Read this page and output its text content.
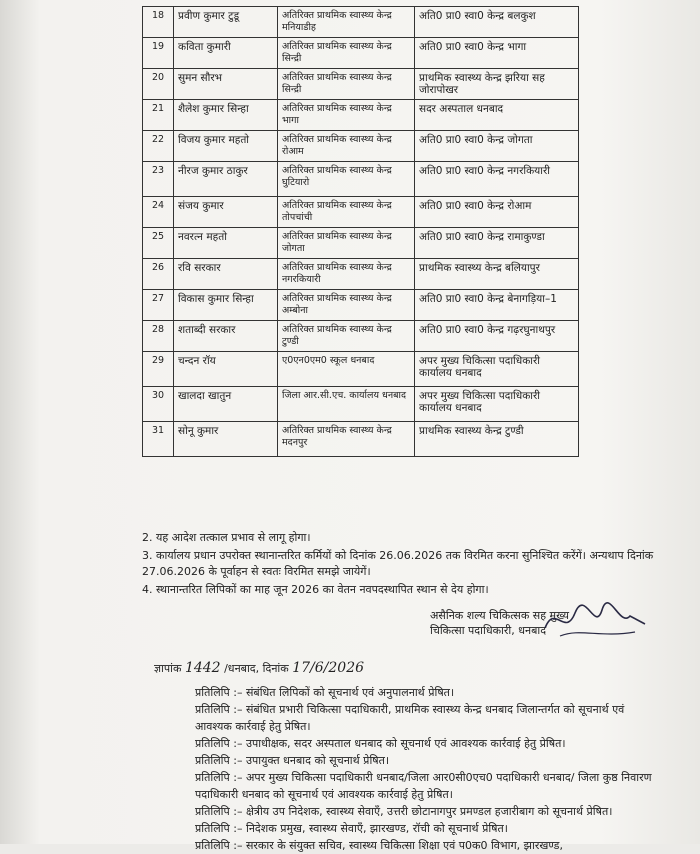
18	प्रवीण कुमार टुडू	अतिरिक्त प्राथमिक स्वास्थ्य केन्द्र मनियाडीह	अति0 प्रा0 स्वा0 केन्द्र बलकुश
19	कविता कुमारी	अतिरिक्त प्राथमिक स्वास्थ्य केन्द्र सिन्द्री	अति0 प्रा0 स्वा0 केन्द्र भागा
20	सुमन सौरभ	अतिरिक्त प्राथमिक स्वास्थ्य केन्द्र सिन्द्री	प्राथमिक स्वास्थ्य केन्द्र झरिया सह जोरापोखर
21	शैलेश कुमार सिन्हा	अतिरिक्त प्राथमिक स्वास्थ्य केन्द्र भागा	सदर अस्पताल धनबाद
22	विजय कुमार महतो	अतिरिक्त प्राथमिक स्वास्थ्य केन्द्र रोआम	अति0 प्रा0 स्वा0 केन्द्र जोगता
23	नीरज कुमार ठाकुर	अतिरिक्त प्राथमिक स्वास्थ्य केन्द्र घुटियारो	अति0 प्रा0 स्वा0 केन्द्र नगरकियारी
24	संजय कुमार	अतिरिक्त प्राथमिक स्वास्थ्य केन्द्र तोपचांची	अति0 प्रा0 स्वा0 केन्द्र रोआम
25	नवरत्न महतो	अतिरिक्त प्राथमिक स्वास्थ्य केन्द्र जोगता	अति0 प्रा0 स्वा0 केन्द्र रामाकुण्डा
26	रवि सरकार	अतिरिक्त प्राथमिक स्वास्थ्य केन्द्र नगरकियारी	प्राथमिक स्वास्थ्य केन्द्र बलियापुर
27	विकास कुमार सिन्हा	अतिरिक्त प्राथमिक स्वास्थ्य केन्द्र अम्बोना	अति0 प्रा0 स्वा0 केन्द्र बेनागड़िया–1
28	शताब्दी सरकार	अतिरिक्त प्राथमिक स्वास्थ्य केन्द्र टुण्डी	अति0 प्रा0 स्वा0 केन्द्र गढ़रघुनाथपुर
29	चन्दन रॉय	ए0एन0एम0 स्कूल धनबाद	अपर मुख्य चिकित्सा पदाधिकारी कार्यालय धनबाद
30	खालदा खातुन	जिला आर.सी.एच. कार्यालय धनबाद	अपर मुख्य चिकित्सा पदाधिकारी कार्यालय धनबाद
31	सोनू कुमार	अतिरिक्त प्राथमिक स्वास्थ्य केन्द्र मदनपुर	प्राथमिक स्वास्थ्य केन्द्र टुण्डी

2. यह आदेश तत्काल प्रभाव से लागू होगा।

3. कार्यालय प्रधान उपरोक्त स्थानान्तरित कर्मियों को दिनांक 26.06.2026 तक विरमित करना सुनिश्चित करेंगें। अन्यथाप दिनांक 27.06.2026 के पूर्वाहन से स्वतः विरमित समझे जायेगें।

4. स्थानान्तरित लिपिकों का माह जून 2026 का वेतन नवपदस्थापित स्थान से देय होगा।

असैनिक शल्य चिकित्सक सह मुख्य
चिकित्सा पदाधिकारी, धनबाद
ज्ञापांक 1442 /धनबाद, दिनांक 17/6/2026

प्रतिलिपि :– संबंधित लिपिकों को सूचनार्थ एवं अनुपालनार्थ प्रेषित।

प्रतिलिपि :– संबंधित प्रभारी चिकित्सा पदाधिकारी, प्राथमिक स्वास्थ्य केन्द्र धनबाद जिलान्तर्गत को सूचनार्थ एवं आवश्यक कार्रवाई हेतु प्रेषित।

प्रतिलिपि :– उपाधीक्षक, सदर अस्पताल धनबाद को सूचनार्थ एवं आवश्यक कार्रवाई हेतु प्रेषित।

प्रतिलिपि :– उपायुक्त धनबाद को सूचनार्थ प्रेषित।

प्रतिलिपि :– अपर मुख्य चिकित्सा पदाधिकारी धनबाद/जिला आर0सी0एच0 पदाधिकारी धनबाद/ जिला कुष्ठ निवारण पदाधिकारी धनबाद को सूचनार्थ एवं आवश्यक कार्रवाई हेतु प्रेषित।

प्रतिलिपि :– क्षेत्रीय उप निदेशक, स्वास्थ्य सेवाएँ, उत्तरी छोटानागपुर प्रमण्डल हजारीबाग को सूचनार्थ प्रेषित।

प्रतिलिपि :– निदेशक प्रमुख, स्वास्थ्य सेवाएँ, झारखण्ड, रॉची को सूचनार्थ प्रेषित।

प्रतिलिपि :– सरकार के संयुक्त सचिव, स्वास्थ्य चिकित्सा शिक्षा एवं प0क0 विभाग, झारखण्ड,
